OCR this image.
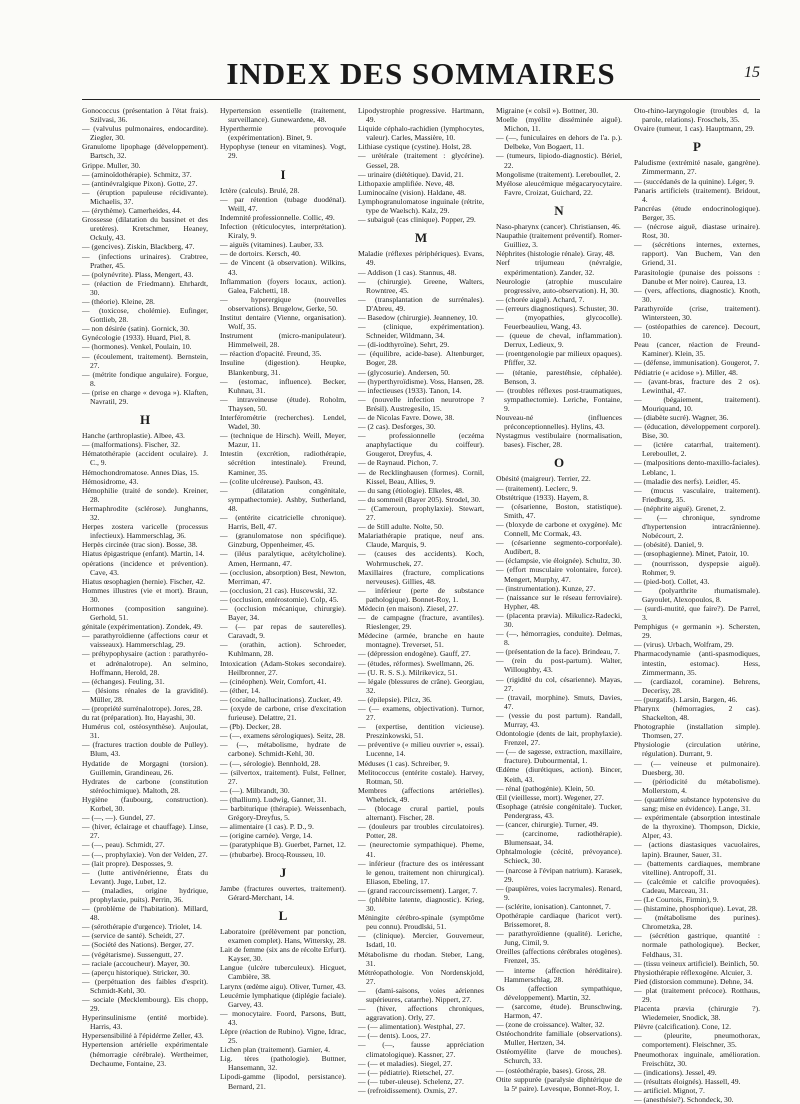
INDEX DES SOMMAIRES	15

Gonococcus (présentation à l'état frais). Szilvasi, 36.

— (valvulus pulmonaires, endocardite). Ziegler, 30.

Granulome lipophage (développement). Bartsch, 32.

Grippe. Muller, 30.

— (aminoïdothérapie). Schmitz, 37.

— (antinévralgique Pixon). Gotte, 27.

— (éruption papuleuse récidivante). Michaelis, 37.

— (érythème). Camerheides, 44.

Grossesse (dilatation du bassinet et des uretères). Kretschmer, Heaney, Ockuly, 43.

— (gencives). Ziskin, Blackberg, 47.

— (infections urinaires). Crabtree, Prather, 45.

— (polynévrite). Plass, Mengert, 43.

— (réaction de Friedmann). Ehrhardt, 30.

— (théorie). Kleine, 28.

— (toxicose, cholémie). Eufinger, Gottlieb, 28.

— non désirée (satin). Gornick, 30.

Gynécologie (1933). Huard, Piel, 8.

— (hormones). Venkel, Poulain, 10.

— (écoulement, traitement). Bernstein, 27.

— (métrite fondique angulaire). Forgue, 8.

— (prise en charge « devoga »). Klaften, Navratil, 29.

H

Hanche (arthroplastie). Albee, 43.

— (malformations). Fischer, 32.

Hématothérapie (accident oculaire). J. C., 9.

Hémochondromatose. Annes Dias, 15.

Hémosidrome, 43.

Hémophilie (traité de sonde). Kreiner, 28.

Hermaphrodite (sclérose). Junghanns, 32.

Herpes zostera varicelle (processus infectieux). Hammerschlag, 36.

Herpès circinée (trac sion). Bosse, 38.

Hiatus épigastrique (enfant). Martin, 14.

opérations (incidence et prévention). Cave, 43.

Hiatus œsophagien (hernie). Fischer, 42.

Hommes illustres (vie et mort). Braun, 30.

Hormones (composition sanguine). Gerhold, 51.

génitale (expérimentation). Zondek, 49.

— parathyroïdienne (affections cœur et vaisseaux). Hammerschlag, 29.

— préhypophysaire (action : parathyréo- et adrénalotrope). An selmino, Hoffmann, Herold, 28.

— (échanges). Feuling, 31.

— (lésions rénales de la gravidité). Müller, 28.

— (propriété surrénalotrope). Jores, 28.

du rat (préparation). Ito, Hayashi, 30.

Humérus col, ostéosynthèse). Aujoulat, 31.

— (fractures traction double de Pulley). Blum, 43.

Hydatide de Morgagni (torsion). Guillemin, Grandineau, 26.

Hydrates de carbone (constitution stéréochimique). Maltoth, 28.

Hygiène (faubourg, construction). Korbel, 30.

— (—, —). Gundel, 27.

— (hiver, éclairage et chauffage). Linse, 27.

— (—, peau). Schmidt, 27.

— (—, prophylaxie). Von der Velden, 27.

— (lait propre). Desposses, 9.

— (lutte antivénérienne, États du Levant). Juge, Lubet, 12.

— (maladies, origine hydrique, prophylaxie, puits). Perrin, 36.

— (problème de l'habitation). Millard, 48.

— (sérothérapie d'urgence). Triolet, 14.

— (service de santé). Scheidt, 27.

— (Société des Nations). Berger, 27.

— (végétarisme). Sussengutt, 27.

— raciale (accoucheur). Mayer, 30.

— (aperçu historique). Stricker, 30.

— (perpétuation des faibles d'esprit). Schmidt-Kehl, 30.

— sociale (Mecklembourg). Eis chopp, 29.

Hyperinsulinisme (entité morbide). Harris, 43.

Hypersensibilité à l'épidérme Zeller, 43.

Hypertension artérielle expérimentale (hémorragie cérébrale). Wertheimer, Dechaume, Fontaine, 23.

Hypertension essentielle (traitement, surveillance). Gunewardene, 48.

Hyperthermie provoquée (expérimentation). Binet, 9.

Hypophyse (teneur en vitamines). Vogt, 29.

I

Ictère (calculs). Brulé, 28.

— par rétention (tubage duodénal). Weill, 47.

Indemnité professionnelle. Collic, 49.

Infection (réticulocytes, interprétation). Kiraly, 9.

— aiguës (vitamines). Lauber, 33.

— de dortoirs. Kersch, 40.

— de Vincent (à observation). Wilkins, 43.

Inflammation (foyers locaux, action). Galea, Falchetti, 18.

— hyperergique (nouvelles observations). Brugelow, Gerke, 50.

Institut dentaire (Vienne, organisation). Wolf, 35.

Instrument (micro-manipulateur). Himmelweil, 28.

— réaction d'opacité. Freund, 35.

Insuline (digestion). Heupke, Blankenburg, 31.

— (estomac, influence). Becker, Kuhnau, 31.

— intraveineuse (étude). Roholm, Thaysen, 50.

Interférométrie (recherches). Lendel, Wadel, 30.

— (technique de Hirsch). Weill, Meyer, Mazur, 11.

Intestin (excrétion, radiothérapie, sécrétion intestinale). Freund, Kaminer, 35.

— (colite ulcéreuse). Paulson, 43.

— (dilatation congénitale, sympathectomie). Ashby, Sutherland, 48.

— (entérite cicatricielle chronique). Harris, Bell, 47.

— (granulomatose non spécifique). Ginzburg, Oppenheimer, 45.

— (iléus paralytique, acétylcholine). Amen, Hermann, 47.

— (occlusion, absorption) Best, Newton, Merriman, 47.

— (occlusion, 21 cas). Huscewski, 32.

— (occlusion, entérostomie). Colp, 45.

— (occlusion mécanique, chirurgie). Bayer, 34.

— (— par repas de sauterelles). Caravadt, 9.

— (orathin, action). Schroeder, Kuhlmann, 28.

Intoxication (Adam-Stokes secondaire). Heilbronner, 27.

— (cinéophen). Weir, Comfort, 41.

— (éther, 14.

— (cocaïne, hallucinations). Zucker, 49.

— (oxyde de carbone, crise d'excitation furieuse). Delattre, 21.

— (Pb). Decker, 28.

— (—, examens sérologiques). Seitz, 28.

— (—, métabolisme, hydrate de carbone). Schmidt-Kehl, 30.

— (—, sérologie). Bennhold, 28.

— (silvertox, traitement). Fulst, Fellner, 27.

— (—). Milbrandt, 30.

— (thallium). Ludwig, Ganner, 31.

— barbiturique (thérapie). Weissenbach, Grégory-Dreyfus, 5.

— alimentaire (1 cas). P. D., 9.

— (origine carnée). Verge, 14.

— (paratyphique B). Guerbet, Parnet, 12.

— (rhubarbe). Brocq-Rousseu, 10.

J

Jambe (fractures ouvertes, traitement). Gérard-Merchant, 14.

L

Laboratoire (prélèvement par ponction, examen complet). Hans, Wittersky, 28.

Lait de femme (six ans de récolte Erfurt). Kayser, 30.

Langue (ulcère tuberculeux). Hicguet, Cambière, 38.

Larynx (œdème aigu). Oliver, Turner, 43.

Leucémie lymphatique (diplégie faciale). Garvey, 43.

— monocytaire. Foord, Parsons, Butt, 43.

Lèpre (réaction de Rubino). Vigne, Idrac, 25.

Lichen plan (traitement). Garnier, 4.

Lig. tères (pathologie). Buttner, Hansemann, 32.

Lipodi-gamme (lipodol, persistance). Bernard, 21.

Lipodystrophie progressive. Hartmann, 49.

Liquide céphalo-rachidien (lymphocytes, valeur). Carles, Massière, 10.

Lithiase cystique (cystine). Holst, 28.

— urétérale (traitement : glycérine). Gessel, 28.

— urinaire (diététique). David, 21.

Lithopaxie amplifiée. Neve, 48.

Luminocaïne (vision). Haldane, 48.

Lymphogranulomatose inguinale (rétrite, type de Waelsch). Kalz, 29.

— subaiguë (cas clinique). Popper, 29.

M

Maladie (réflexes périphériques). Evans, 49.

— Addison (1 cas). Stannus, 48.

— (chirurgie). Greene, Walters, Rowntree, 45.

— (transplantation de surrénales). D'Abreu, 49.

— Basedow (chirurgie). Jeanneney, 10.

— (clinique, expérimentation). Schneider, Wildmann, 34.

— (di-iodthyroïne). Sehrt, 29.

— (équilibre, acide-base). Altenburger, Boger, 28.

— (glycosurie). Andersen, 50.

— (hyperthyroïdisme). Voss, Hansen, 28.

— infectieuses (1933). Tanon, 14.

— (nouvelle infection neurotrope ? Brésil). Austregesilo, 15.

— de Nicolas Favre. Dowe, 38.

— (2 cas). Desforges, 30.

— professionnelle (eczéma anaphylactique du coiffeur). Gougerot, Dreyfus, 4.

— de Raynaud. Pichon, 7.

— de Recklinghausen (formes). Cornil, Kissel, Beau, Allies, 9.

— du sang (étiologie). Elkeles, 48.

— du sommeil (Bayer 205). Strodel, 30.

— (Cameroun, prophylaxie). Stewart, 27.

— de Still adulte. Nolte, 50.

Malariathérapie pratique, neuf ans. Claude, Marquis, 9.

— (causes des accidents). Koch, Wohrmuschek, 27.

Maxillaires (fracture, complications nerveuses). Gillies, 48.

— inférieur (perte de substance pathologique). Bonnet-Roy, 1.

Médecin (en maison). Ziesel, 27.

— de campagne (fracture, avantiles). Rieslenger, 29.

Médecine (armée, branche en haute montagne). Treverset, 51.

— (dépression endogène). Gauff, 27.

— (études, réformes). Swellmann, 26.

— (U. R. S. S.). Milrikevicz, 51.

— légale (blessures de crâne). Georgiau, 32.

— (épilepsie). Pilcz, 36.

— (— examens, objectivation). Turnor, 27.

— (expertise, dentition vicieuse). Preszinkowski, 51.

— préventive (« milieu ouvrier », essai). Lucenne, 14.

Méduses (1 cas). Schreiber, 9.

Melitococcus (entérite costale). Harvey, Rotman, 50.

Membres (affections artérielles). Whebrick, 49.

— (blocage crural partiel, pouls alternant). Fischer, 28.

— (douleurs par troubles circulatoires). Potter, 28.

— (neurectomie sympathique). Pheme, 41.

— inférieur (fracture des os intéressant le genou, traitement non chirurgical). Eliason, Ebeling, 17.

— (grand raccourcissement). Larger, 7.

— (phlébite latente, diagnostic). Krieg, 30.

Méningite cérébro-spinale (symptôme peu connu). Proudlski, 51.

— (clinique). Mercier, Gouverneur, Isdatl, 10.

Métabolisme du rhodan. Steber, Lang, 31.

Métréopathologie. Von Nordenskjold, 27.

— (dami-saisons, voies aériennes supérieures, catarrhe). Nippert, 27.

— (hiver, affections chroniques, aggravation). Orly, 27.

— (— alimentation). Westphal, 27.

— (— dents). Loos, 27.

— (—, fausse appréciation climatologique). Kassner, 27.

— (— et maladies). Siegel, 27.

— (— pédiatrie). Rietschel, 27.

— (— tuber-uleuse). Schelenz, 27.

— (refroidissement). Oxmis, 27.

Migraine (« colsil »). Bottner, 30.

Moelle (myélite disséminée aiguë). Michon, 11.

— (—, funiculaires en dehors de l'a. p.). Delbeke, Von Bogaert, 11.

— (tumeurs, lipiodo-diagnostic). Bériel, 22.

Mongolisme (traitement). Lereboullet, 2.

Myélose aleucémique mégacaryocytaire. Favre, Croizat, Guichard, 22.

N

Naso-pharynx (cancer). Christiansen, 46.

Naupathie (traitement préventif). Romer-Guilliez, 3.

Néphrites (histologie rénale). Gray, 48.

Nerf trijumeau (névralgie, expérimentation). Zander, 32.

Neurologie (atrophie musculaire progressive, auto-observation). H, 30.

— (chorée aiguë). Achard, 7.

— (erreurs diagnostiques). Schuster, 30.

— (myopathies, glycocolle). Feuerbeaulieu, Wang, 43.

— (queue de cheval, inflammation). Derrux, Ledieux, 9.

— (roentgenologie par milieux opaques). Pfiffer, 32.

— (tétanie, parestéhsie, céphalée). Benson, 3.

— (troubles réflexes post-traumatiques, sympathectomie). Leriche, Fontaine, 9.

Nouveau-né (influences préconceptionnelles). Hylins, 43.

Nystagmus vestibulaire (normalisation, bases). Fischer, 28.

O

Obésité (maigreur). Terrier, 22.

— (traitement). Leclerc, 9.

Obstétrique (1933). Hayem, 8.

— (césarienne, Boston, statistique). Smith, 47.

— (bloxyde de carbone et oxygène). Mc Connell, Mc Cormak, 43.

— (césarienne segmento-corporéale). Audibert, 8.

— (éclampsie, vie éloignée). Schultz, 30.

— (effort musculaire volontaire, force). Mengert, Murphy, 47.

— (instrumentation). Kunze, 27.

— (naissance sur le réseau ferroviaire). Hypher, 48.

— (placenta prævia). Mikulicz-Radecki, 30.

— (—, hémorragies, conduite). Delmas, 8.

— (présentation de la face). Brindeau, 7.

— (rein du post-partum). Walter, Willoughby, 43.

— (rigidité du col, césarienne). Mayas, 27.

— (travail, morphine). Smuts, Davies, 47.

— (vessie du post partum). Randall, Murray, 43.

Odontologie (dents de lait, prophylaxie). Frenzel, 27.

— (— de sagesse, extraction, maxillaire, fracture). Dubourmental, 1.

Œdème (diurétiques, action). Bincer, Keith, 43.

— rénal (pathogénie). Klein, 50.

Œil (vieillesse, mort). Wegener, 27.

Œsophage (atrésie congénitale). Tucker, Pendergrass, 43.

— (cancer, chirurgie). Turner, 49.

— (carcinome, radiothérapie). Blumensaat, 34.

Ophtalmologie (cécité, prévoyance). Schieck, 30.

— (narcose à l'évipan natrium). Karasek, 29.

— (paupières, voies lacrymales). Renard, 9.

— (sclérite, ionisation). Cantonnet, 7.

Opothérapie cardiaque (haricot vert). Brissemoret, 8.

— parathyroïdienne (qualité). Leriche, Jung, Cimil, 9.

Oreilles (affections cérébrales otogènes). Frenzel, 35.

— interne (affection héréditaire). Hammerschlag, 28.

Os (affection sympathique, développement). Martin, 32.

— (sarcome, étude). Brunschwing, Harmon, 47.

— (zone de croissance). Walter, 32.

Ostéochondrite familiale (observations). Muller, Hertzen, 34.

Ostéomyélite (larve de mouches). Schurch, 33.

— (ostéothérapie, bases). Gross, 28.

Otite suppurée (paralysie diphtérique de la 5ᵉ paire). Levesque, Bonnet-Roy, 1.

Oto-rhino-laryngologie (troubles d, la parole, relations). Froschels, 35.

Ovaire (tumeur, 1 cas). Hauptmann, 29.

P

Paludisme (extrémité nasale, gangrène). Zimmermann, 27.

— (succédanés de la quinine). Léger, 9.

Panaris artificiels (traitement). Bridout, 4.

Pancréas (étude endocrinologique). Berger, 35.

— (nécrose aiguë, diastase urinaire). Rost, 30.

— (sécrétions internes, externes, rapport). Van Buchem, Van den Griend, 31.

Parasitologie (punaise des poissons : Danube et Mer noire). Caurea, 13.

— (vers, affections, diagnostic). Knoth, 30.

Parathyroïde (crise, traitement). Wintersteen, 30.

— (ostéopathies de carence). Decourt, 10.

Peau (cancer, réaction de Freund-Kaminer). Klein, 35.

— (défense, immunisation). Gougerot, 7.

Pédiatrie (« acidose »). Miller, 48.

— (avant-bras, fracture des 2 os). Lewinthal, 47.

— (bégaiement, traitement). Mouriquand, 10.

— (diabète sucré). Wagner, 36.

— (éducation, développement corporel). Bise, 30.

— (ictère catarrhal, traitement). Lereboullet, 2.

— (malpositions dento-maxillo-faciales). Leblanc, 1.

— (maladie des nerfs). Leidler, 45.

— (mucus vasculaire, traitement). Friedburg, 35.

— (néphrite aiguë). Grenet, 2.

— (— chronique, syndrome d'hypertension intracrânienne). Nobécourt, 2.

— (obésité). Daniel, 9.

— (œsophagienne). Minet, Patoir, 10.

— (nourrisson, dyspepsie aiguë). Rohmer, 9.

— (pied-bot). Collet, 43.

— (polyarthrite rhumatismale). Gayoulet, Alexopoulos, 8.

— (surdi-mutité, que faire?). De Parrel, 3.

Pemphigus (« germanin »). Schersten, 29.

— (virus). Urbach, Wolfram, 29.

Pharmacodynamie (anti-spasmodiques, intestin, estomac). Hess, Zimmermann, 35.

— (cardiazol, coramine). Behrens, Decerisy, 28.

— (purgatifs). Larsin, Bargen, 46.

Pharynx (hémorragies, 2 cas). Shackelton, 48.

Photographie (installation simple). Thomsen, 27.

Physiologie (circulation utérine, régulation). Durrant, 9.

— (— veineuse et pulmonaire). Duesberg, 30.

— (périodicité du métabolisme). Mollerstom, 4.

— (quatrième substance hypotensive du sang; mise en évidence). Lange, 31.

— expérimentale (absorption intestinale de la thyroxine). Thompson, Dickie, Alper, 43.

— (actions diastasiques vacuolaires, lapin). Brauner, Sauer, 31.

— (battements cardiaques, membrane vitelline). Antropoff, 31.

— (calcémie et calcifie provoquées). Cadeau, Marceau, 31.

— (Le Courtois, Firmin), 9.

— (histamine, phosphorique). Levat, 28.

— (métabolisme des purines). Chrometzka, 28.

— (sécrétion gastrique, quantité : normale pathologique). Becker, Feldhaus, 31.

— (tissu veineux artificiel). Beinlich, 50.

Physiothérapie réflexogène. Alcuier, 3.

Pied (distorsion commune). Dehne, 34.

— plat (traitement précoce). Rotthaus, 29.

Placenta prævia (chirurgie ?). Wiedemeier, Snodick, 38.

Plèvre (calcification). Cone, 12.

— (pleurite, pneumothorax, comportement). Fleischner, 35.

Pneumothorax inguinale, amélioration. Freischütz, 30.

— (indications). Jessel, 49.

— (résultats éloignés). Hassell, 49.

— artificiel. Mignot, 7.

— (anesthésie?). Schondeck, 30.
